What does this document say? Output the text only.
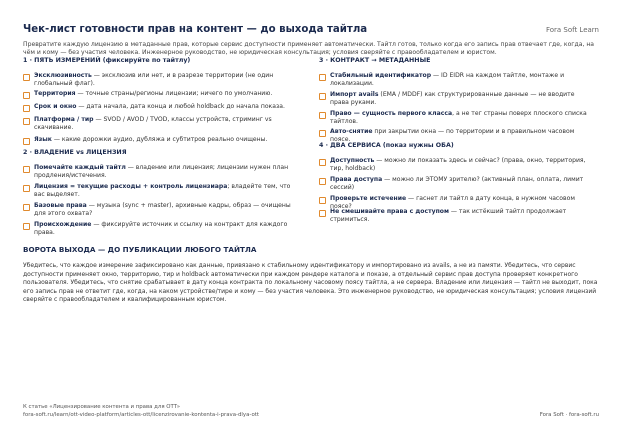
Чек-лист готовности прав на контент — до выхода тайтла	Fora Soft Learn
Превратите каждую лицензию в метаданные прав, которые сервис доступности применяет автоматически. Тайтл готов, только когда его запись прав отвечает где, когда, на чём и кому — без участия человека. Инженерное руководство, не юридическая консультация; условия сверяйте с правообладателем и юристом.
1 · ПЯТЬ ИЗМЕРЕНИЙ (фиксируйте по тайтлу)
Эксклюзивность — эксклюзив или нет, и в разрезе территории (не один глобальный флаг).
Территория — точные страны/регионы лицензии; ничего по умолчанию.
Срок и окно — дата начала, дата конца и любой holdback до начала показа.
Платформа / тир — SVOD / AVOD / TVOD, классы устройств, стриминг vs скачивание.
Язык — какие дорожки аудио, дубляжа и субтитров реально очищены.
2 · ВЛАДЕНИЕ vs ЛИЦЕНЗИЯ
Помечайте каждый тайтл — владение или лицензия; лицензии нужен план продления/истечения.
Лицензия = текущие расходы + контроль лицензиара; владейте тем, что вас выделяет.
Базовые права — музыка (sync + master), архивные кадры, образ — очищены для этого охвата?
Происхождение — фиксируйте источник и ссылку на контракт для каждого права.
3 · КОНТРАКТ → МЕТАДАННЫЕ
Стабильный идентификатор — ID EIDR на каждом тайтле, монтаже и локализации.
Импорт avails (EMA / MDDF) как структурированные данные — не вводите права руками.
Право — сущность первого класса, а не тег страны поверх плоского списка тайтлов.
Авто-снятие при закрытии окна — по территории и в правильном часовом поясе.
4 · ДВА СЕРВИСА (показ нужны ОБА)
Доступность — можно ли показать здесь и сейчас? (права, окно, территория, тир, holdback)
Права доступа — можно ли ЭТОМУ зрителю? (активный план, оплата, лимит сессий)
Проверьте истечение — гаснет ли тайтл в дату конца, в нужном часовом поясе?
Не смешивайте права с доступом — так истёкший тайтл продолжает стримиться.
ВОРОТА ВЫХОДА — ДО ПУБЛИКАЦИИ ЛЮБОГО ТАЙТЛА
Убедитесь, что каждое измерение зафиксировано как данные, привязано к стабильному идентификатору и импортировано из avails, а не из памяти. Убедитесь, что сервис доступности применяет окно, территорию, тир и holdback автоматически при каждом рендере каталога и показе, а отдельный сервис прав доступа проверяет конкретного пользователя. Убедитесь, что снятие срабатывает в дату конца контракта по локальному часовому поясу тайтла, а не сервера. Владение или лицензия — тайтл не выходит, пока его запись прав не ответит где, когда, на каком устройстве/тире и кому — без участия человека. Это инженерное руководство, не юридическая консультация; условия лицензий сверяйте с правообладателем и квалифицированным юристом.
К статье «Лицензирование контента и права для OTT»
fora-soft.ru/learn/ott-video-platform/articles-ott/licenzirovanie-kontenta-i-prava-dlya-ott	Fora Soft · fora-soft.ru
